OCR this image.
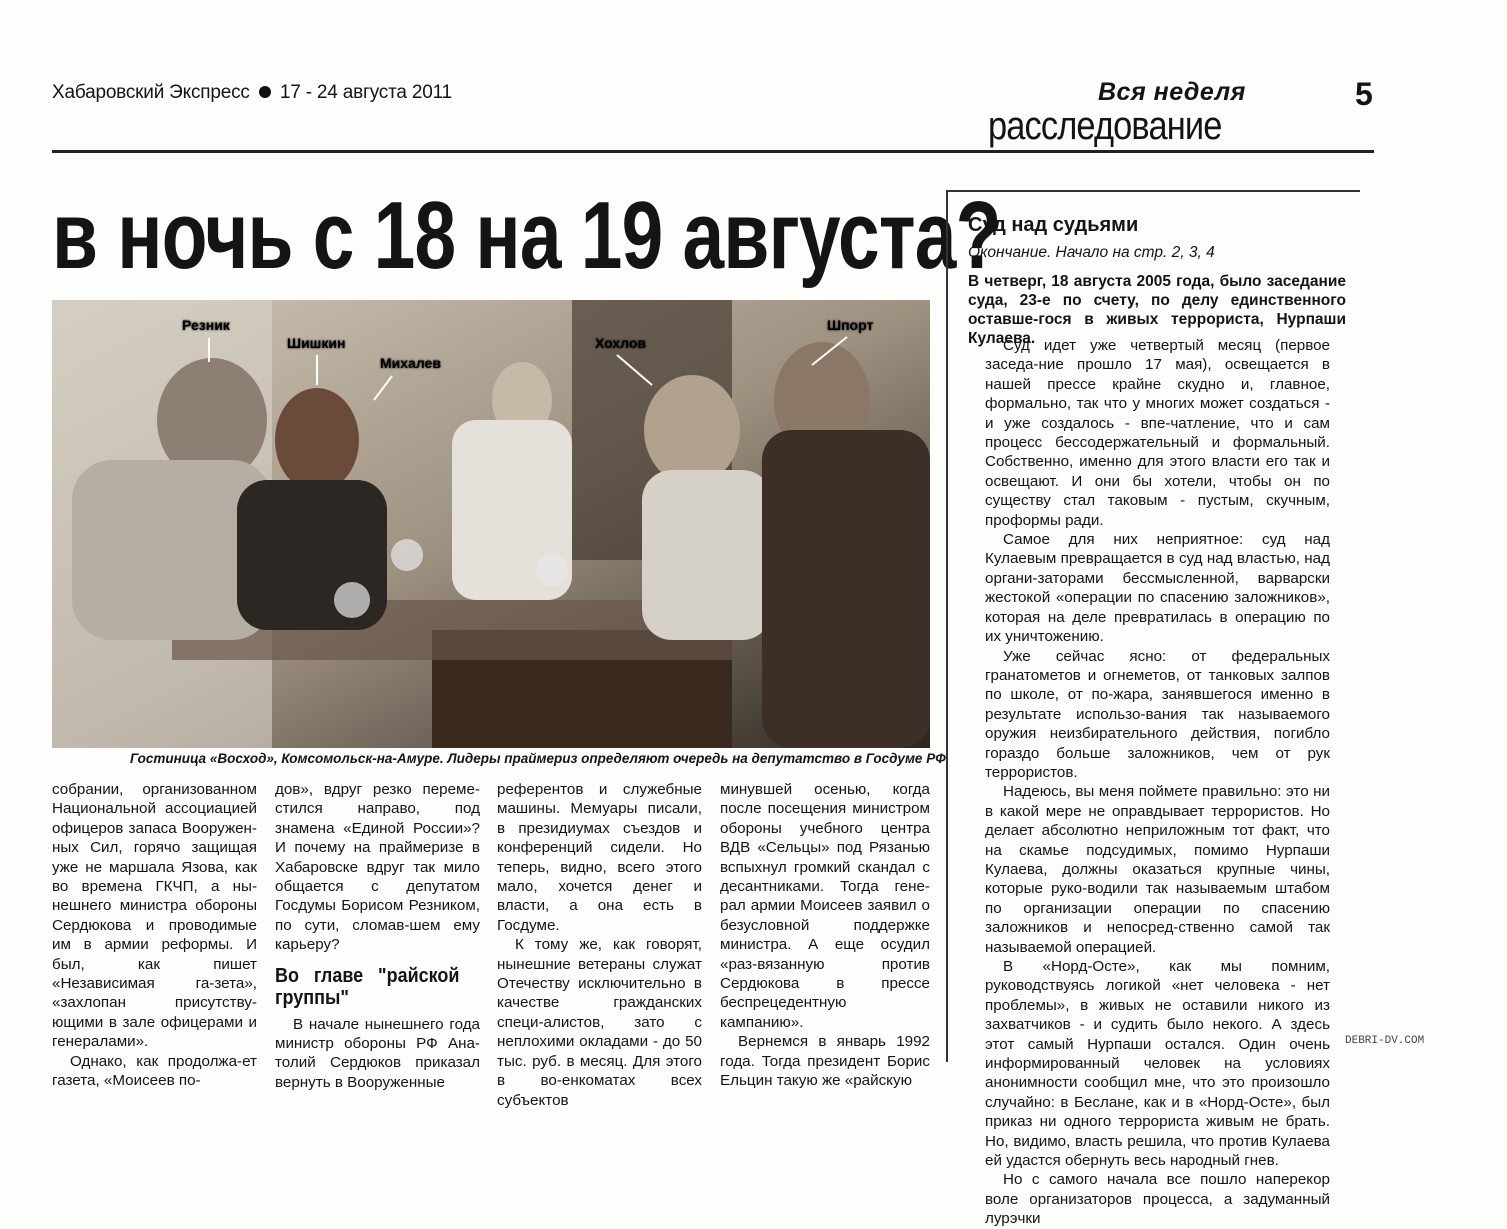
Хабаровский Экспресс 17 - 24 августа 2011	Вся неделя
расследование
5
в ночь с 18 на 19 августа?
Резник
Шишкин
Михалев
Хохлов
Шпорт
Гостиница «Восход», Комсомольск-на-Амуре. Лидеры праймериз определяют очередь на депутатство в Госдуме РФ

собрании, организованном Национальной ассоциацией офицеров запаса Вооружен-ных Сил, горячо защищая уже не маршала Язова, как во времена ГКЧП, а ны-нешнего министра обороны Сердюкова и проводимые им в армии реформы. И был, как пишет «Независимая га-зета», «захлопан присутству-ющими в зале офицерами и генералами».

Однако, как продолжа-ет газета, «Моисеев по-

дов», вдруг резко переме-стился направо, под знамена «Единой России»? И почему на праймеризе в Хабаровске вдруг так мило общается с депутатом Госдумы Борисом Резником, по сути, сломав-шем ему карьеру?

Во главе "райской группы"

В начале нынешнего года министр обороны РФ Ана-толий Сердюков приказал вернуть в Вооруженные

референтов и служебные машины. Мемуары писали, в президиумах съездов и конференций сидели. Но теперь, видно, всего этого мало, хочется денег и власти, а она есть в Госдуме.

К тому же, как говорят, нынешние ветераны служат Отечеству исключительно в качестве гражданских специ-алистов, зато с неплохими окладами - до 50 тыс. руб. в месяц. Для этого в во-енкоматах всех субъектов

минувшей осенью, когда после посещения министром обороны учебного центра ВДВ «Сельцы» под Рязанью вспыхнул громкий скандал с десантниками. Тогда гене-рал армии Моисеев заявил о безусловной поддержке министра. А еще осудил «раз-вязанную против Сердюкова в прессе беспрецедентную кампанию».

Вернемся в январь 1992 года. Тогда президент Борис Ельцин такую же «райскую

Суд над судьями
Окончание. Начало на стр. 2, 3, 4
В четверг, 18 августа 2005 года, было заседание суда, 23-е по счету, по делу единственного оставше-гося в живых террориста, Нурпаши Кулаева.

Суд идет уже четвертый месяц (первое заседа-ние прошло 17 мая), освещается в нашей прессе крайне скудно и, главное, формально, так что у многих может создаться - и уже создалось - впе-чатление, что и сам процесс бессодержательный и формальный. Собственно, именно для этого власти его так и освещают. И они бы хотели, чтобы он по существу стал таковым - пустым, скучным, проформы ради.

Самое для них неприятное: суд над Кулаевым превращается в суд над властью, над органи-заторами бессмысленной, варварски жестокой «операции по спасению заложников», которая на деле превратилась в операцию по их уничтожению.

Уже сейчас ясно: от федеральных гранатометов и огнеметов, от танковых залпов по школе, от по-жара, занявшегося именно в результате использо-вания так называемого оружия неизбирательного действия, погибло гораздо больше заложников, чем от рук террористов.

Надеюсь, вы меня поймете правильно: это ни в какой мере не оправдывает террористов. Но делает абсолютно неприложным тот факт, что на скамье подсудимых, помимо Нурпаши Кулаева, должны оказаться крупные чины, которые руко-водили так называемым штабом по организации операции по спасению заложников и непосред-ственно самой так называемой операцией.

В «Норд-Осте», как мы помним, руководствуясь логикой «нет человека - нет проблемы», в живых не оставили никого из захватчиков - и судить было некого. А здесь этот самый Нурпаши остался. Один очень информированный человек на условиях анонимности сообщил мне, что это произошло случайно: в Беслане, как и в «Норд-Осте», был приказ ни одного террориста живым не брать. Но, видимо, власть решила, что против Кулаева ей удастся обернуть весь народный гнев.

Но с самого начала все пошло наперекор воле организаторов процесса, а задуманный лурэчки

DEBRI-DV.COM
